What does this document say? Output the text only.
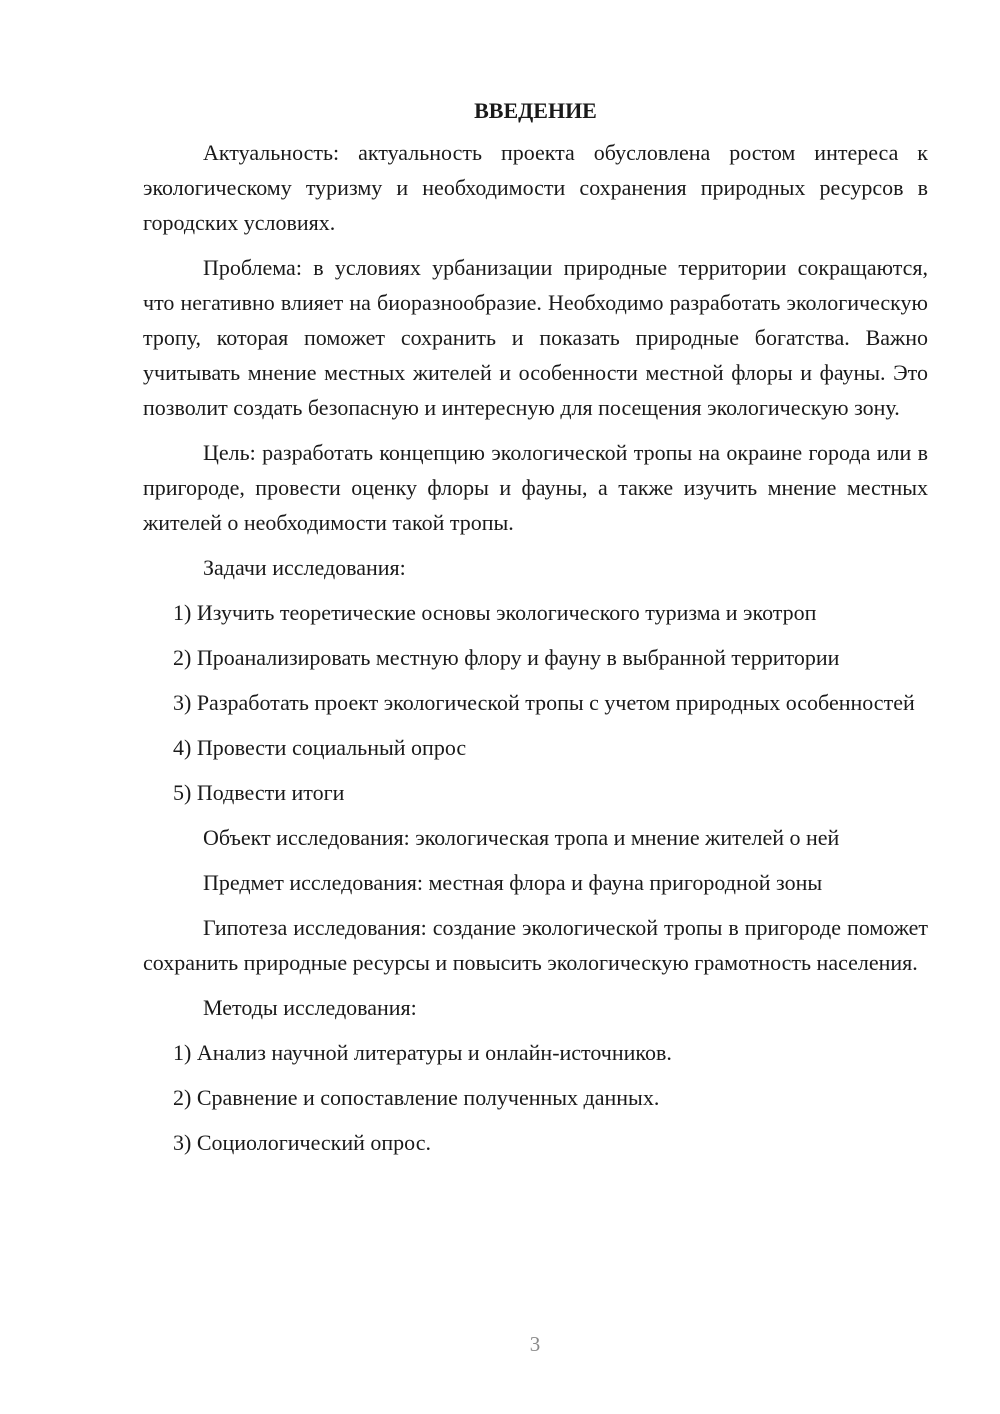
ВВЕДЕНИЕ

Актуальность: актуальность проекта обусловлена ростом интереса к экологическому туризму и необходимости сохранения природных ресурсов в городских условиях.

Проблема: в условиях урбанизации природные территории сокращаются, что негативно влияет на биоразнообразие. Необходимо разработать экологическую тропу, которая поможет сохранить и показать природные богатства. Важно учитывать мнение местных жителей и особенности местной флоры и фауны. Это позволит создать безопасную и интересную для посещения экологическую зону.

Цель: разработать концепцию экологической тропы на окраине города или в пригороде, провести оценку флоры и фауны, а также изучить мнение местных жителей о необходимости такой тропы.

Задачи исследования:

1) Изучить теоретические основы экологического туризма и экотроп

2) Проанализировать местную флору и фауну в выбранной территории

3) Разработать проект экологической тропы с учетом природных особенностей

4) Провести социальный опрос

5) Подвести итоги

Объект исследования: экологическая тропа и мнение жителей о ней

Предмет исследования: местная флора и фауна пригородной зоны

Гипотеза исследования: создание экологической тропы в пригороде поможет сохранить природные ресурсы и повысить экологическую грамотность населения.

Методы исследования:

1) Анализ научной литературы и онлайн-источников.

2) Сравнение и сопоставление полученных данных.

3) Социологический опрос.

3
